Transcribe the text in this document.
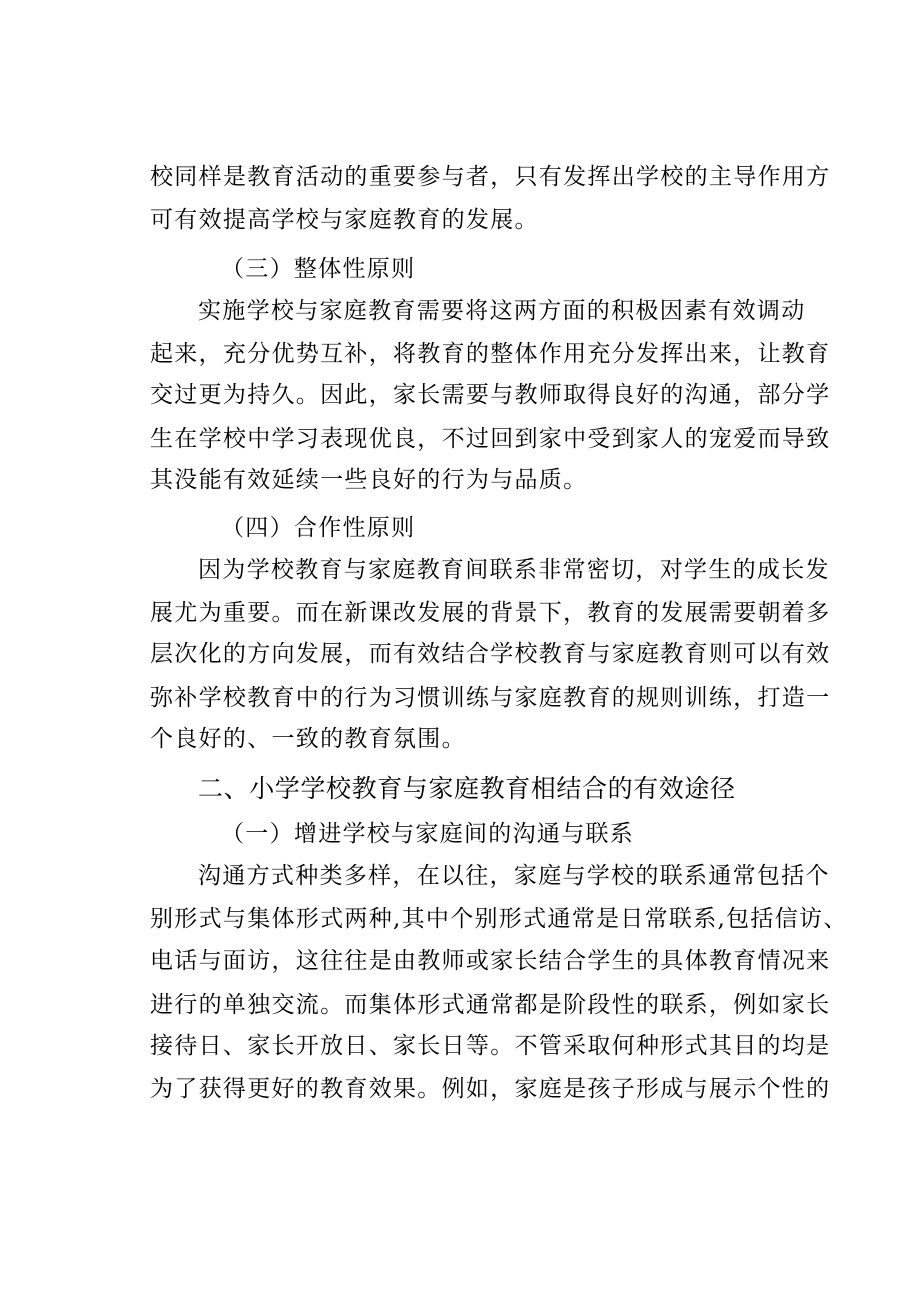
校同样是教育活动的重要参与者，只有发挥出学校的主导作用方
可有效提高学校与家庭教育的发展。
（三）整体性原则
实施学校与家庭教育需要将这两方面的积极因素有效调动
起来，充分优势互补，将教育的整体作用充分发挥出来，让教育
交过更为持久。因此，家长需要与教师取得良好的沟通，部分学
生在学校中学习表现优良，不过回到家中受到家人的宠爱而导致
其没能有效延续一些良好的行为与品质。
（四）合作性原则
因为学校教育与家庭教育间联系非常密切，对学生的成长发
展尤为重要。而在新课改发展的背景下，教育的发展需要朝着多
层次化的方向发展，而有效结合学校教育与家庭教育则可以有效
弥补学校教育中的行为习惯训练与家庭教育的规则训练，打造一
个良好的、一致的教育氛围。
二、小学学校教育与家庭教育相结合的有效途径
（一）增进学校与家庭间的沟通与联系
沟通方式种类多样，在以往，家庭与学校的联系通常包括个
别形式与集体形式两种,其中个别形式通常是日常联系,包括信访、
电话与面访，这往往是由教师或家长结合学生的具体教育情况来
进行的单独交流。而集体形式通常都是阶段性的联系，例如家长
接待日、家长开放日、家长日等。不管采取何种形式其目的均是
为了获得更好的教育效果。例如，家庭是孩子形成与展示个性的
